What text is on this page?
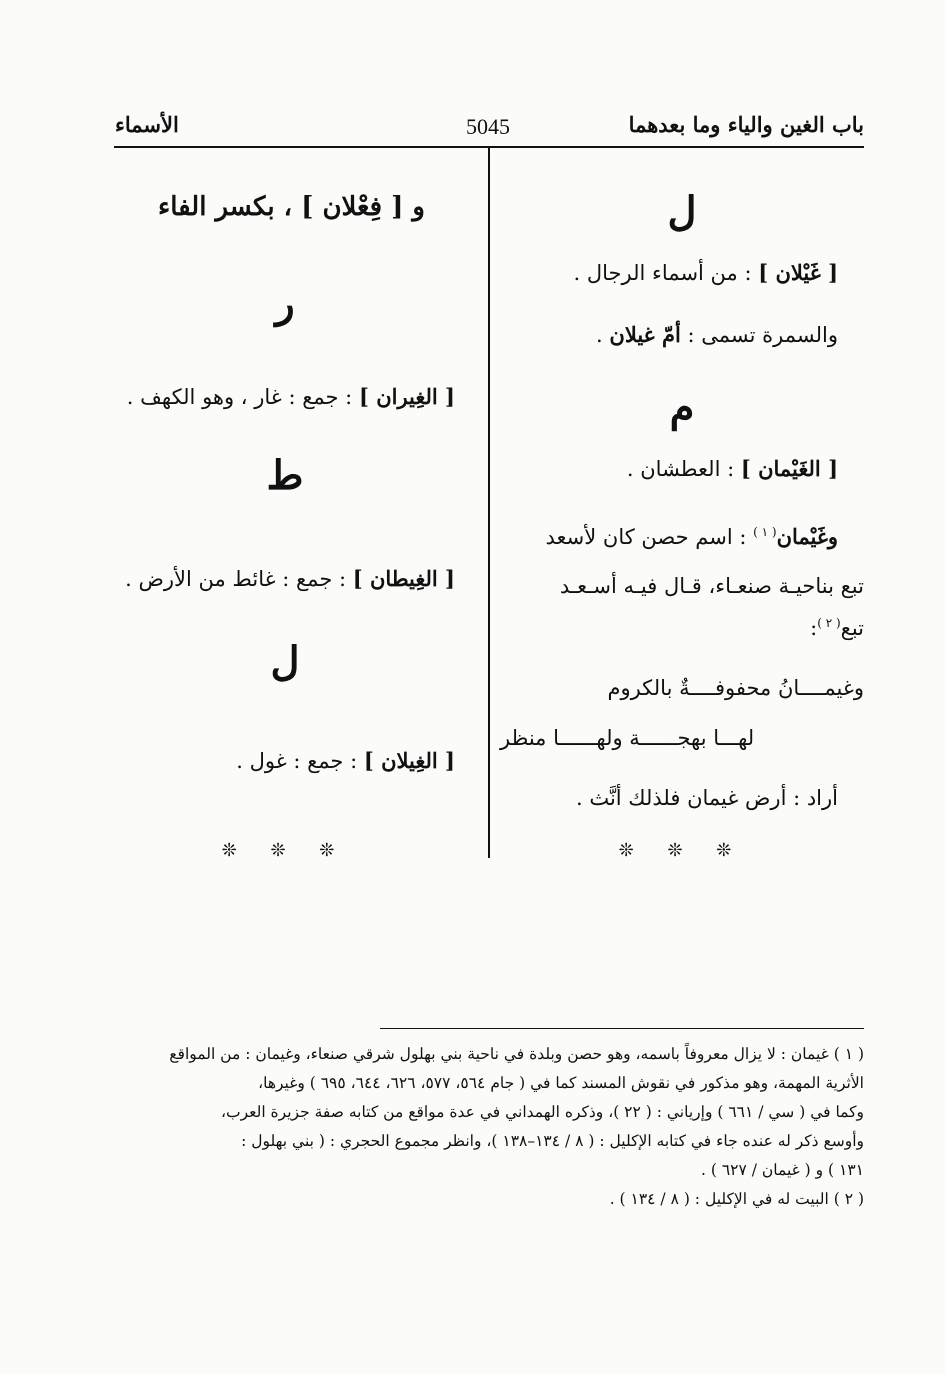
الأسماء	5045	باب الغين والياء وما بعدهما
ل
[ غَيْلان ] : من أسماء الرجال .
والسمرة تسمى : أمّ غيلان .
م
[ الغَيْمان ] : العطشان .
وغَيْمان$^{( ١ )}$ : اسم حصن كان لأسعد
تبع بناحيـة صنعـاء، قـال فيـه أسـعـد
تبع$^{( ٢ )}$:
وغيمــــانُ محفوفــــةٌ بالكروم
لهـــا بهجــــــة ولهــــــا منظر
أراد : أرض غيمان فلذلك أنَّث .
❊ ❊ ❊
و [ فِعْلان ] ، بكسر الفاء
ر
[ الغِيران ] : جمع : غار ، وهو الكهف .
ط
[ الغِيطان ] : جمع : غائط من الأرض .
ل
[ الغِيلان ] : جمع : غول .
❊ ❊ ❊
( ١ ) غيمان : لا يزال معروفاً باسمه، وهو حصن وبلدة في ناحية بني بهلول شرقي صنعاء، وغيمان : من المواقع
الأثرية المهمة، وهو مذكور في نقوش المسند كما في ( جام ٥٦٤، ٥٧٧، ٦٢٦، ٦٤٤، ٦٩٥ ) وغيرها،
وكما في ( سي / ٦٦١ ) وإرياني : ( ٢٢ )، وذكره الهمداني في عدة مواقع من كتابه صفة جزيرة العرب،
وأوسع ذكر له عنده جاء في كتابه الإكليل : ( ٨ / ١٣٤–١٣٨ )، وانظر مجموع الحجري : ( بني بهلول :
١٣١ ) و ( غيمان / ٦٢٧ ) .
( ٢ ) البيت له في الإكليل : ( ٨ / ١٣٤ ) .
